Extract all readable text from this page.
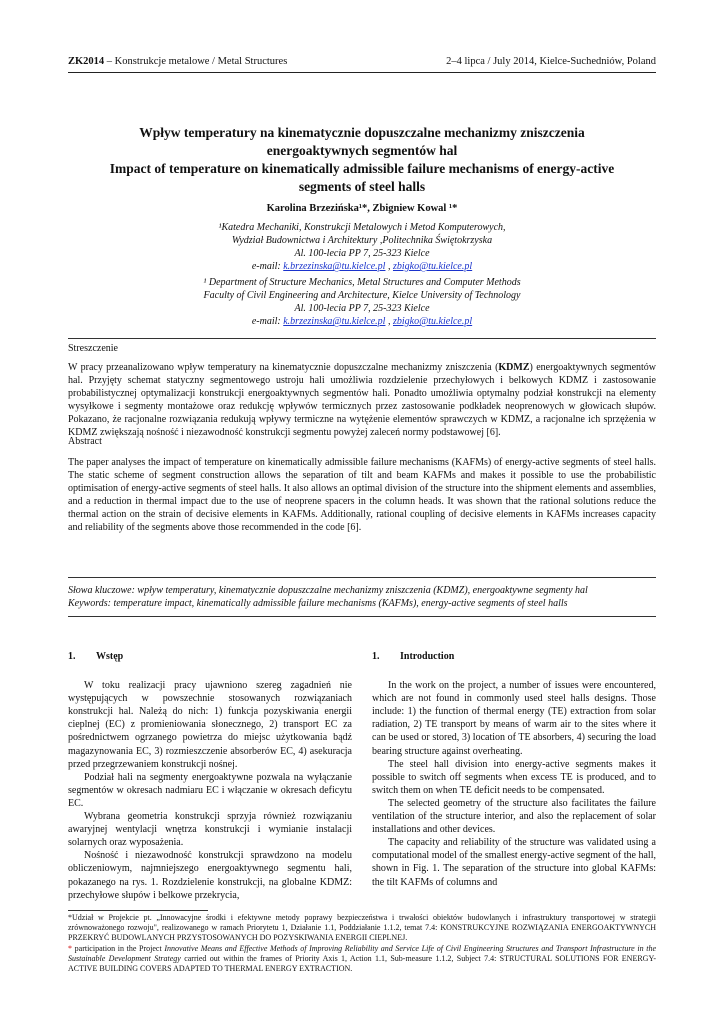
ZK2014 – Konstrukcje metalowe / Metal Structures	2–4 lipca / July 2014, Kielce-Suchedniów, Poland
Wpływ temperatury na kinematycznie dopuszczalne mechanizmy zniszczenia
energoaktywnych segmentów hal
Impact of temperature on kinematically admissible failure mechanisms of energy-active
segments of steel halls
Karolina Brzezińska¹*, Zbigniew Kowal ¹*
¹Katedra Mechaniki, Konstrukcji Metalowych i Metod Komputerowych,
Wydział Budownictwa i Architektury ,Politechnika Świętokrzyska
Al. 100-lecia PP 7, 25-323 Kielce
e-mail: k.brzezinska@tu.kielce.pl , zbigko@tu.kielce.pl
¹ Department of Structure Mechanics, Metal Structures and Computer Methods
Faculty of Civil Engineering and Architecture, Kielce University of Technology
Al. 100-lecia PP 7, 25-323 Kielce
e-mail: k.brzezinska@tu.kielce.pl , zbigko@tu.kielce.pl
Streszczenie

W pracy przeanalizowano wpływ temperatury na kinematycznie dopuszczalne mechanizmy zniszczenia (KDMZ) energoaktywnych segmentów hal. Przyjęty schemat statyczny segmentowego ustroju hali umożliwia rozdzielenie przechyłowych i belkowych KDMZ i zastosowanie probabilistycznej optymalizacji konstrukcji energoaktywnych segmentów hali. Ponadto umożliwia optymalny podział konstrukcji na elementy wysyłkowe i segmenty montażowe oraz redukcję wpływów termicznych przez zastosowanie podkładek neoprenowych w głowicach słupów. Pokazano, że racjonalne rozwiązania redukują wpływy termiczne na wytężenie elementów sprawczych w KDMZ, a racjonalne ich sprzężenia w KDMZ zwiększają nośność i niezawodność konstrukcji segmentu powyżej zaleceń normy podstawowej [6].

Abstract

The paper analyses the impact of temperature on kinematically admissible failure mechanisms (KAFMs) of energy-active segments of steel halls. The static scheme of segment construction allows the separation of tilt and beam KAFMs and makes it possible to use the probabilistic optimisation of energy-active segments of steel halls. It also allows an optimal division of the structure into the shipment elements and assemblies, and a reduction in thermal impact due to the use of neoprene spacers in the column heads. It was shown that the rational solutions reduce the thermal action on the strain of decisive elements in KAFMs. Additionally, rational coupling of decisive elements in KAFMs increases capacity and reliability of the segments above those recommended in the code [6].

Słowa kluczowe: wpływ temperatury, kinematycznie dopuszczalne mechanizmy zniszczenia (KDMZ), energoaktywne segmenty hal
Keywords: temperature impact, kinematically admissible failure mechanisms (KAFMs), energy-active segments of steel halls
1. Wstęp

W toku realizacji pracy ujawniono szereg zagadnień nie występujących w powszechnie stosowanych rozwiązaniach konstrukcji hal. Należą do nich: 1) funkcja pozyskiwania energii cieplnej (EC) z promieniowania słonecznego, 2) transport EC za pośrednictwem ogrzanego powietrza do miejsc użytkowania bądź magazynowania EC, 3) rozmieszczenie absorberów EC, 4) asekuracja przed przegrzewaniem konstrukcji nośnej.

Podział hali na segmenty energoaktywne pozwala na wyłączanie segmentów w okresach nadmiaru EC i włączanie w okresach deficytu EC.

Wybrana geometria konstrukcji sprzyja również rozwiązaniu awaryjnej wentylacji wnętrza konstrukcji i wymianie instalacji solarnych oraz wyposażenia.

Nośność i niezawodność konstrukcji sprawdzono na modelu obliczeniowym, najmniejszego energoaktywnego segmentu hali, pokazanego na rys. 1. Rozdzielenie konstrukcji, na globalne KDMZ: przechyłowe słupów i belkowe przekrycia,

1. Introduction

In the work on the project, a number of issues were encountered, which are not found in commonly used steel halls designs. Those include: 1) the function of thermal energy (TE) extraction from solar radiation, 2) TE transport by means of warm air to the sites where it can be used or stored, 3) location of TE absorbers, 4) securing the load bearing structure against overheating.

The steel hall division into energy-active segments makes it possible to switch off segments when excess TE is produced, and to switch them on when TE deficit needs to be compensated.

The selected geometry of the structure also facilitates the failure ventilation of the structure interior, and also the replacement of solar installations and other devices.

The capacity and reliability of the structure was validated using a computational model of the smallest energy-active segment of the hall, shown in Fig. 1. The separation of the structure into global KAFMs: the tilt KAFMs of columns and

*Udział w Projekcie pt. „Innowacyjne środki i efektywne metody poprawy bezpieczeństwa i trwałości obiektów budowlanych i infrastruktury transportowej w strategii zrównoważonego rozwoju", realizowanego w ramach Priorytetu 1, Działanie 1.1, Poddziałanie 1.1.2, temat 7.4: KONSTRUKCYJNE ROZWIĄZANIA ENERGOAKTYWNYCH PRZEKRYĆ BUDOWLANYCH PRZYSTOSOWANYCH DO POZYSKIWANIA ENERGII CIEPLNEJ.

* participation in the Project Innovative Means and Effective Methods of Improving Reliability and Service Life of Civil Engineering Structures and Transport Infrastructure in the Sustainable Development Strategy carried out within the frames of Priority Axis 1, Action 1.1, Sub-measure 1.1.2, Subject 7.4: STRUCTURAL SOLUTIONS FOR ENERGY-ACTIVE BUILDING COVERS ADAPTED TO THERMAL ENERGY EXTRACTION.
